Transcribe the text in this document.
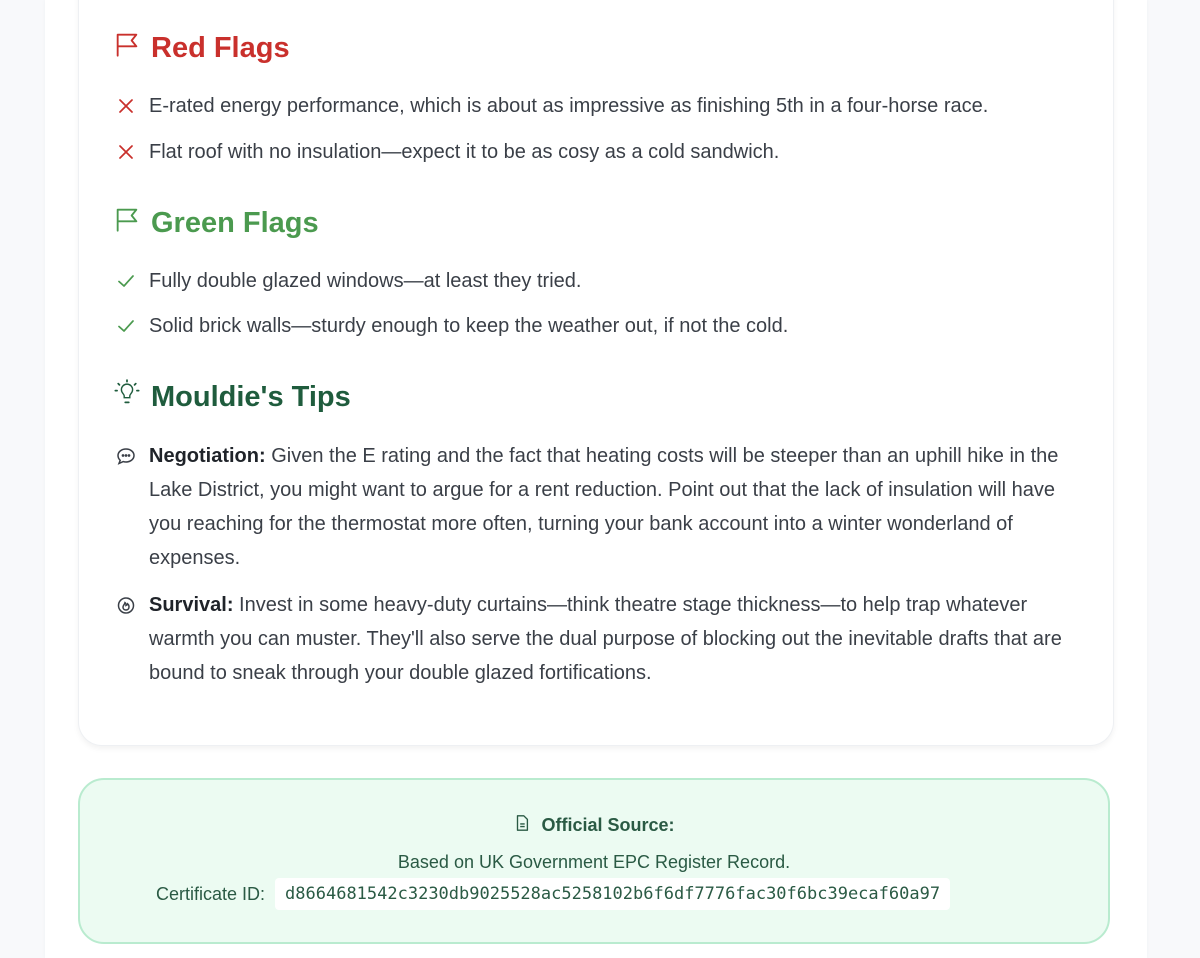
Red Flags
E-rated energy performance, which is about as impressive as finishing 5th in a four-horse race.
Flat roof with no insulation—expect it to be as cosy as a cold sandwich.
Green Flags
Fully double glazed windows—at least they tried.
Solid brick walls—sturdy enough to keep the weather out, if not the cold.
Mouldie's Tips
Negotiation: Given the E rating and the fact that heating costs will be steeper than an uphill hike in the Lake District, you might want to argue for a rent reduction. Point out that the lack of insulation will have you reaching for the thermostat more often, turning your bank account into a winter wonderland of expenses.
Survival: Invest in some heavy-duty curtains—think theatre stage thickness—to help trap whatever warmth you can muster. They'll also serve the dual purpose of blocking out the inevitable drafts that are bound to sneak through your double glazed fortifications.
Official Source:
Based on UK Government EPC Register Record.
Certificate ID:	d8664681542c3230db9025528ac5258102b6f6df7776fac30f6bc39ecaf60a97
